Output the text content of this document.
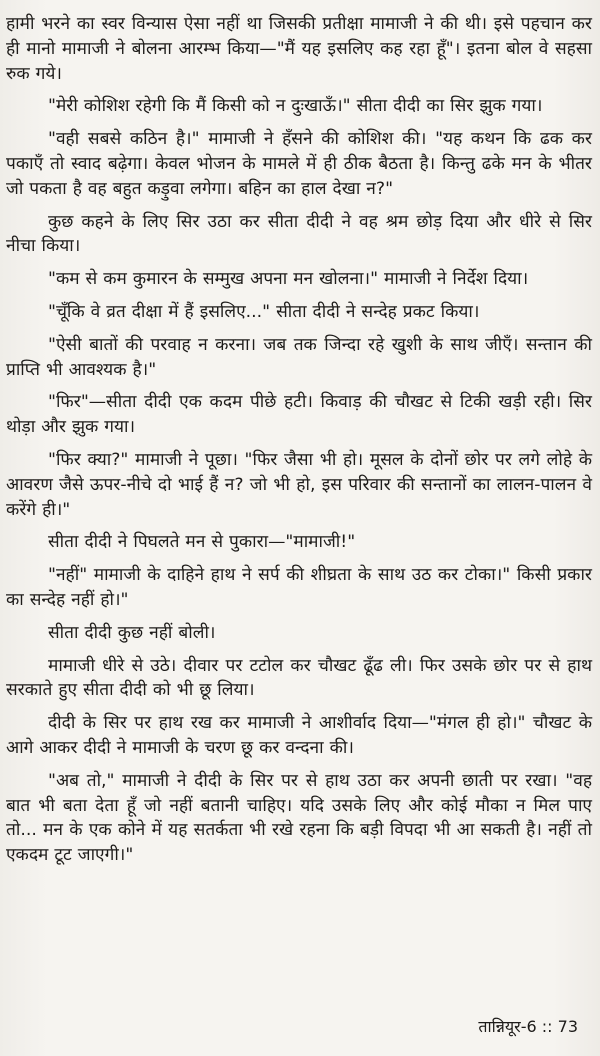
हामी भरने का स्वर विन्यास ऐसा नहीं था जिसकी प्रतीक्षा मामाजी ने की थी। इसे पहचान कर ही मानो मामाजी ने बोलना आरम्भ किया—"मैं यह इसलिए कह रहा हूँ"। इतना बोल वे सहसा रुक गये।

"मेरी कोशिश रहेगी कि मैं किसी को न दुःखाऊँ।" सीता दीदी का सिर झुक गया।

"वही सबसे कठिन है।" मामाजी ने हँसने की कोशिश की। "यह कथन कि ढक कर पकाएँ तो स्वाद बढ़ेगा। केवल भोजन के मामले में ही ठीक बैठता है। किन्तु ढके मन के भीतर जो पकता है वह बहुत कड़ुवा लगेगा। बहिन का हाल देखा न?"

कुछ कहने के लिए सिर उठा कर सीता दीदी ने वह श्रम छोड़ दिया और धीरे से सिर नीचा किया।

"कम से कम कुमारन के सम्मुख अपना मन खोलना।" मामाजी ने निर्देश दिया।

"चूँकि वे व्रत दीक्षा में हैं इसलिए..." सीता दीदी ने सन्देह प्रकट किया।

"ऐसी बातों की परवाह न करना। जब तक जिन्दा रहे खुशी के साथ जीएँ। सन्तान की प्राप्ति भी आवश्यक है।"

"फिर"—सीता दीदी एक कदम पीछे हटी। किवाड़ की चौखट से टिकी खड़ी रही। सिर थोड़ा और झुक गया।

"फिर क्या?" मामाजी ने पूछा। "फिर जैसा भी हो। मूसल के दोनों छोर पर लगे लोहे के आवरण जैसे ऊपर-नीचे दो भाई हैं न? जो भी हो, इस परिवार की सन्तानों का लालन-पालन वे करेंगे ही।"

सीता दीदी ने पिघलते मन से पुकारा—"मामाजी!"

"नहीं" मामाजी के दाहिने हाथ ने सर्प की शीघ्रता के साथ उठ कर टोका।" किसी प्रकार का सन्देह नहीं हो।"

सीता दीदी कुछ नहीं बोली।

मामाजी धीरे से उठे। दीवार पर टटोल कर चौखट ढूँढ ली। फिर उसके छोर पर से हाथ सरकाते हुए सीता दीदी को भी छू लिया।

दीदी के सिर पर हाथ रख कर मामाजी ने आशीर्वाद दिया—"मंगल ही हो।" चौखट के आगे आकर दीदी ने मामाजी के चरण छू कर वन्दना की।

"अब तो," मामाजी ने दीदी के सिर पर से हाथ उठा कर अपनी छाती पर रखा। "वह बात भी बता देता हूँ जो नहीं बतानी चाहिए। यदि उसके लिए और कोई मौका न मिल पाए तो... मन के एक कोने में यह सतर्कता भी रखे रहना कि बड़ी विपदा भी आ सकती है। नहीं तो एकदम टूट जाएगी।"

तान्नियूर-6 :: 73
